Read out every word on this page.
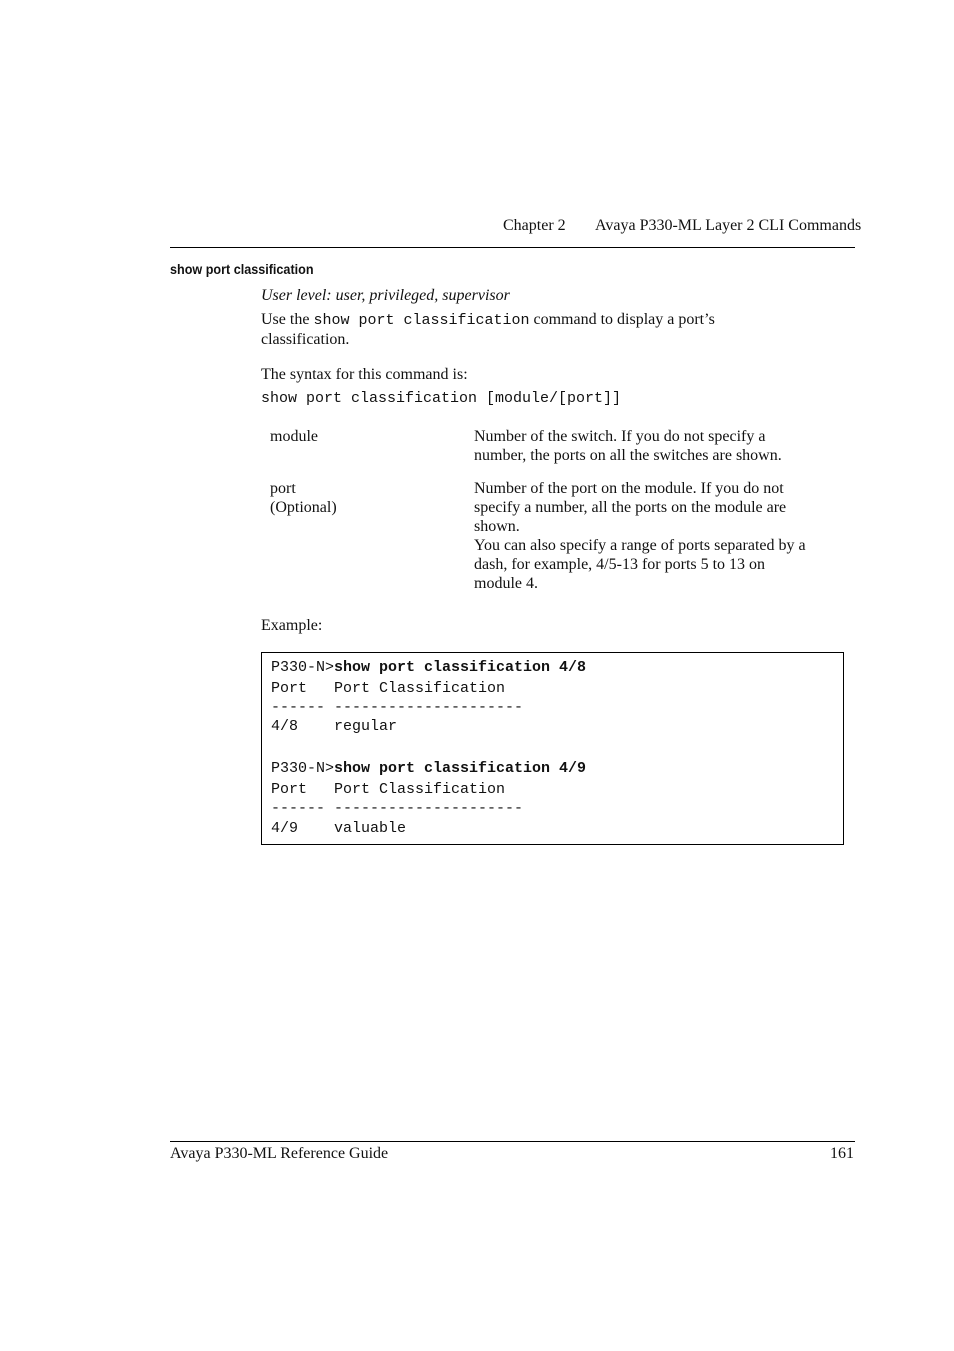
Chapter 2 Avaya P330-ML Layer 2 CLI Commands
show port classification
User level: user, privileged, supervisor
Use the show port classification command to display a port’s
classification.
The syntax for this command is:
show port classification [module/[port]]
module	Number of the switch. If you do not specify a
number, the ports on all the switches are shown.
port
(Optional)
Number of the port on the module. If you do not
specify a number, all the ports on the module are
shown.
You can also specify a range of ports separated by a
dash, for example, 4/5-13 for ports 5 to 13 on
module 4.
Example:
P330-N>show port classification 4/8
Port   Port Classification
------ ---------------------
4/8    regular
P330-N>show port classification 4/9
Port   Port Classification
------ ---------------------
4/9    valuable
Avaya P330-ML Reference Guide	161
